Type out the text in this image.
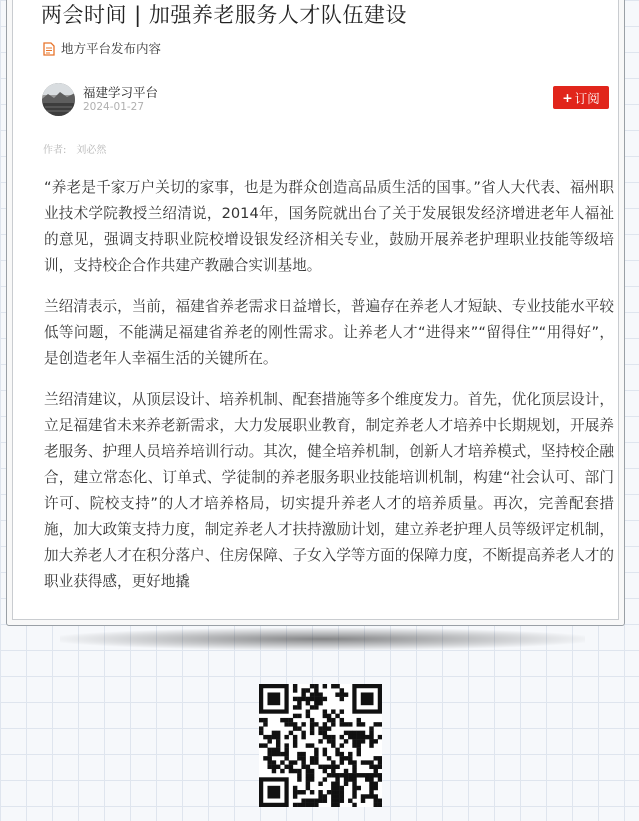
两会时间 | 加强养老服务人才队伍建设
地方平台发布内容
福建学习平台
2024-01-27
+ 订阅
作者: 刘必然

“养老是千家万户关切的家事，也是为群众创造高品质生活的国事。”省人大代表、福州职业技术学院教授兰绍清说，2014年，国务院就出台了关于发展银发经济增进老年人福祉的意见，强调支持职业院校增设银发经济相关专业，鼓励开展养老护理职业技能等级培训，支持校企合作共建产教融合实训基地。

兰绍清表示，当前，福建省养老需求日益增长，普遍存在养老人才短缺、专业技能水平较低等问题，不能满足福建省养老的刚性需求。让养老人才“进得来”“留得住”“用得好”，是创造老年人幸福生活的关键所在。

兰绍清建议，从顶层设计、培养机制、配套措施等多个维度发力。首先，优化顶层设计，立足福建省未来养老新需求，大力发展职业教育，制定养老人才培养中长期规划，开展养老服务、护理人员培养培训行动。其次，健全培养机制，创新人才培养模式，坚持校企融合，建立常态化、订单式、学徒制的养老服务职业技能培训机制，构建“社会认可、部门许可、院校支持”的人才培养格局，切实提升养老人才的培养质量。再次，完善配套措施，加大政策支持力度，制定养老人才扶持激励计划，建立养老护理人员等级评定机制，加大养老人才在积分落户、住房保障、子女入学等方面的保障力度，不断提高养老人才的职业获得感，更好地撬
